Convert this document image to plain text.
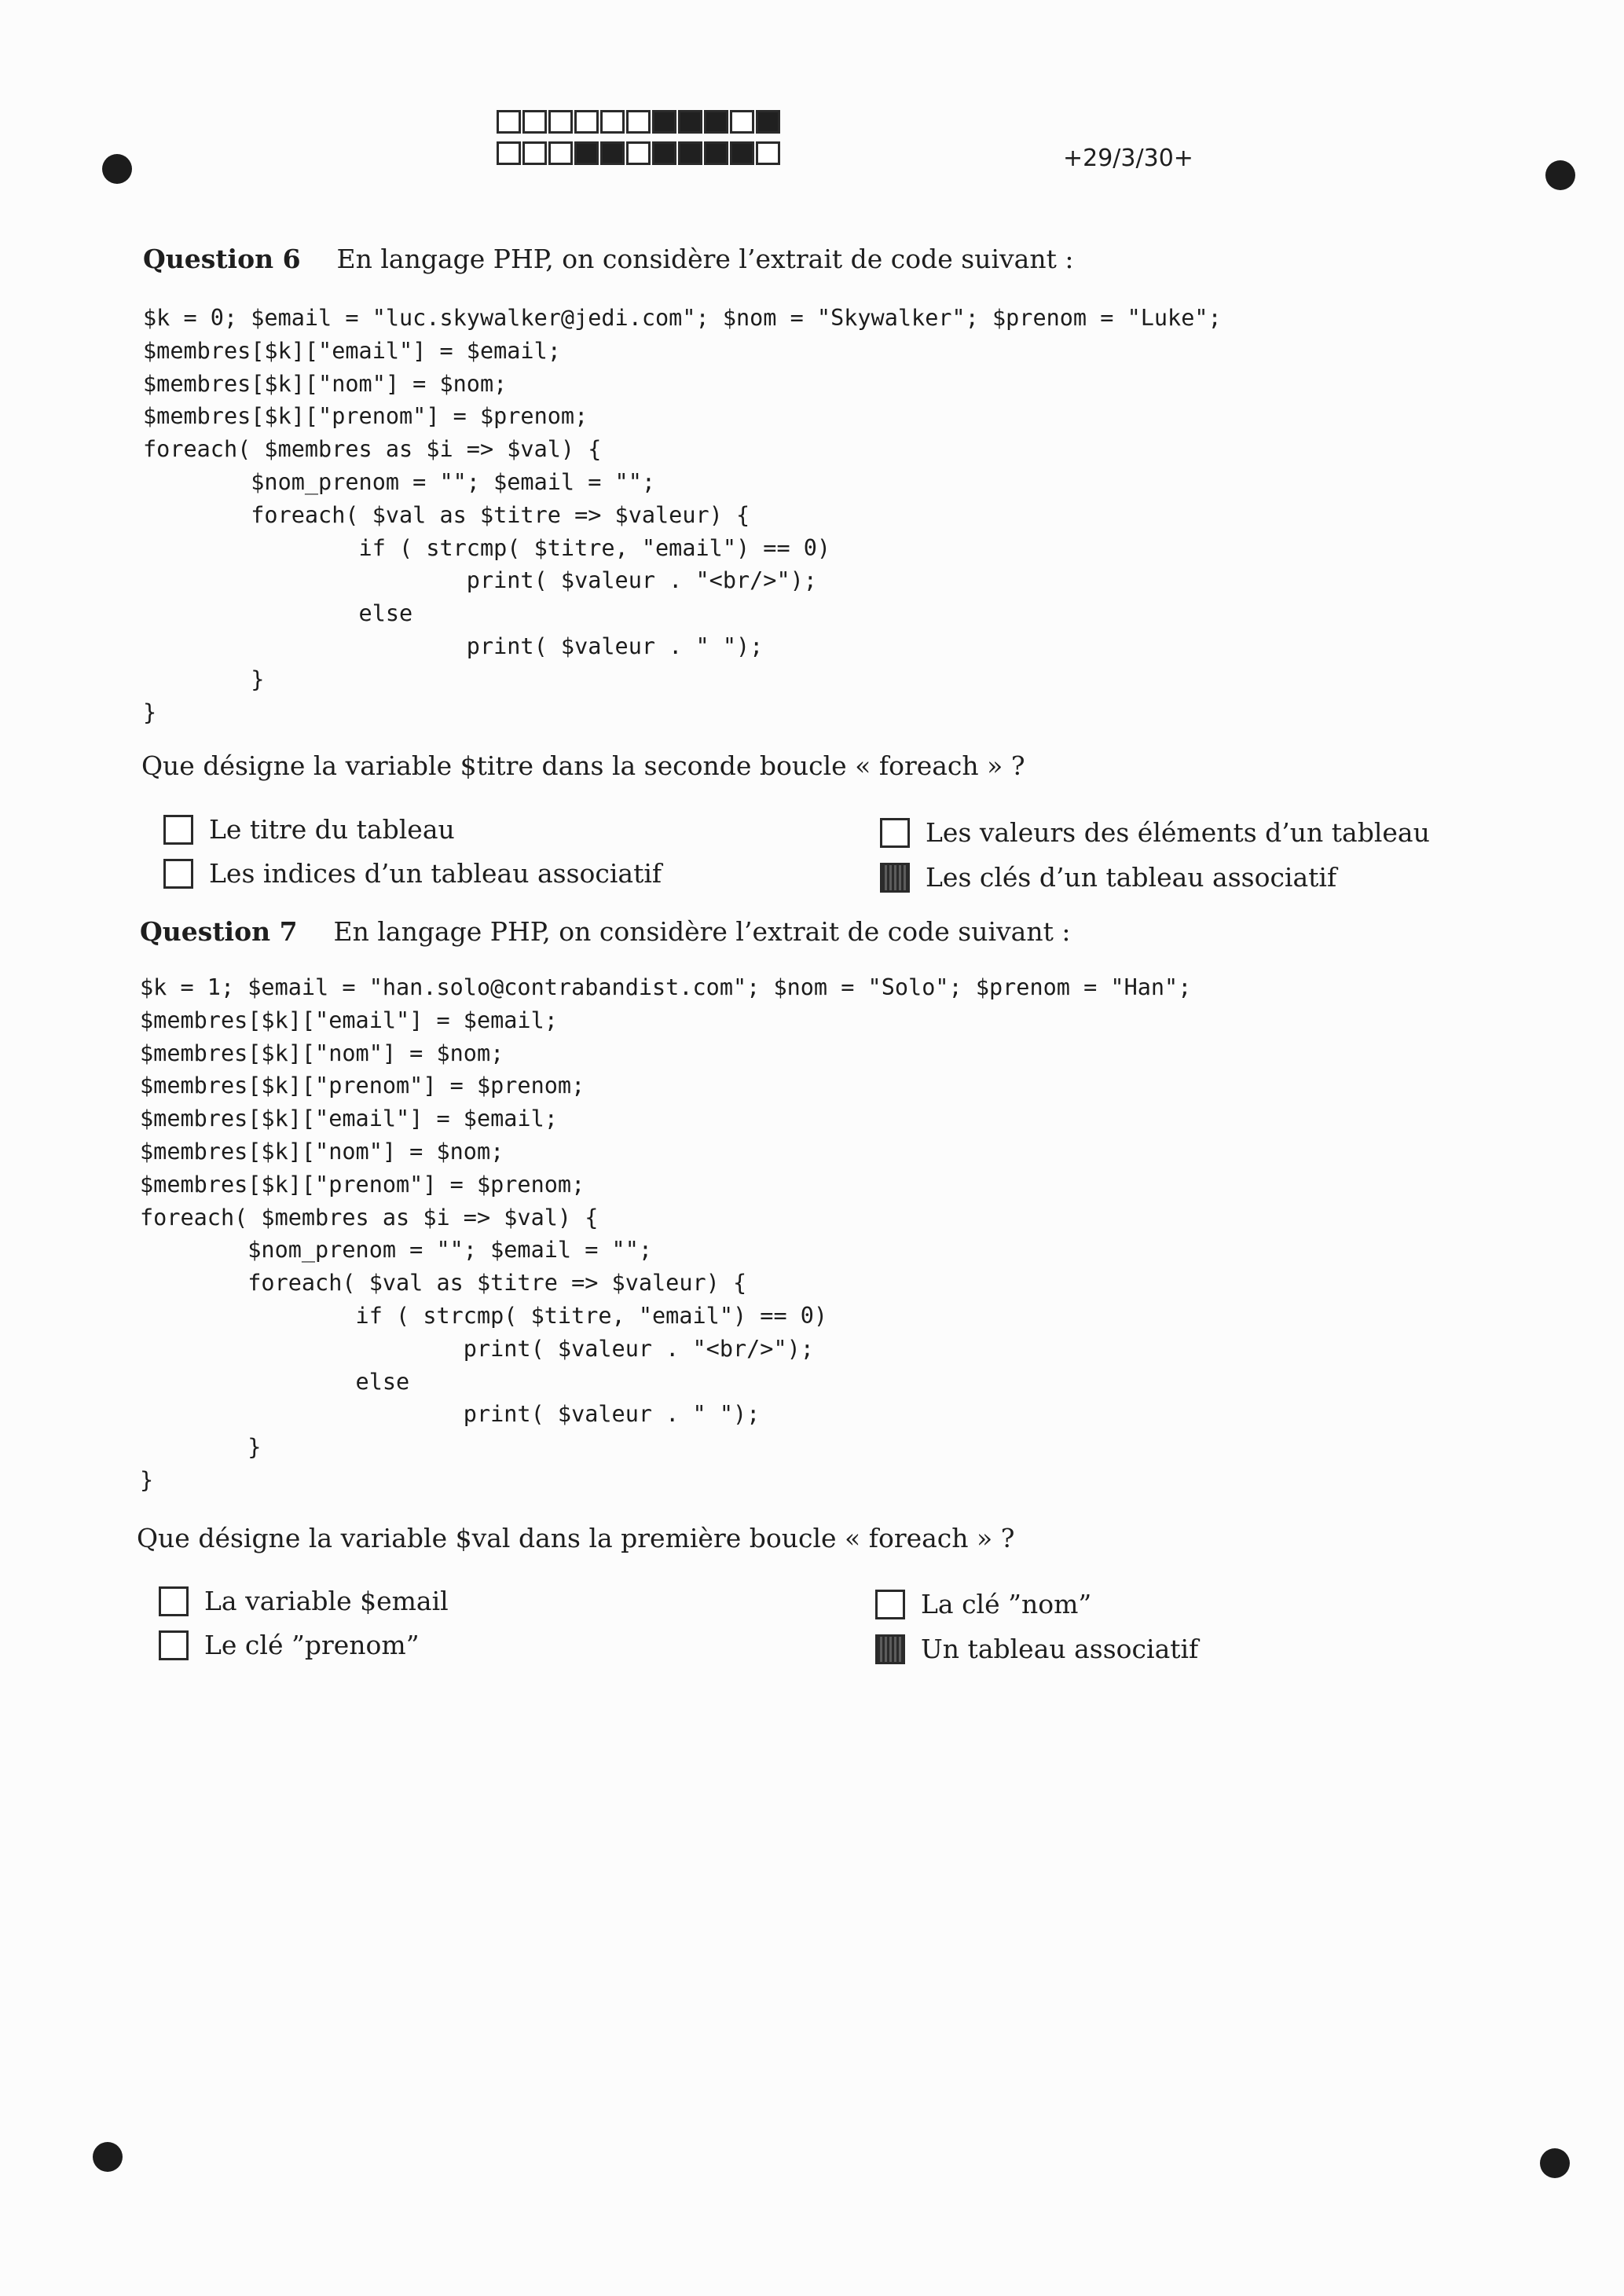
+29/3/30+
Question 6 En langage PHP, on considère l’extrait de code suivant :
$k = 0; $email = "luc.skywalker@jedi.com"; $nom = "Skywalker"; $prenom = "Luke";
$membres[$k]["email"] = $email;
$membres[$k]["nom"] = $nom;
$membres[$k]["prenom"] = $prenom;
foreach( $membres as $i => $val) {
$nom_prenom = ""; $email = "";
foreach( $val as $titre => $valeur) {
if ( strcmp( $titre, "email") == 0)
print( $valeur . "<br/>");
else
print( $valeur . " ");
}
}
Que désigne la variable $titre dans la seconde boucle « foreach » ?
Le titre du tableau
Les indices d’un tableau associatif
Les valeurs des éléments d’un tableau
Les clés d’un tableau associatif
Question 7 En langage PHP, on considère l’extrait de code suivant :
$k = 1; $email = "han.solo@contrabandist.com"; $nom = "Solo"; $prenom = "Han";
$membres[$k]["email"] = $email;
$membres[$k]["nom"] = $nom;
$membres[$k]["prenom"] = $prenom;
$membres[$k]["email"] = $email;
$membres[$k]["nom"] = $nom;
$membres[$k]["prenom"] = $prenom;
foreach( $membres as $i => $val) {
$nom_prenom = ""; $email = "";
foreach( $val as $titre => $valeur) {
if ( strcmp( $titre, "email") == 0)
print( $valeur . "<br/>");
else
print( $valeur . " ");
}
}
Que désigne la variable $val dans la première boucle « foreach » ?
La variable $email
Le clé ”prenom”
La clé ”nom”
Un tableau associatif
